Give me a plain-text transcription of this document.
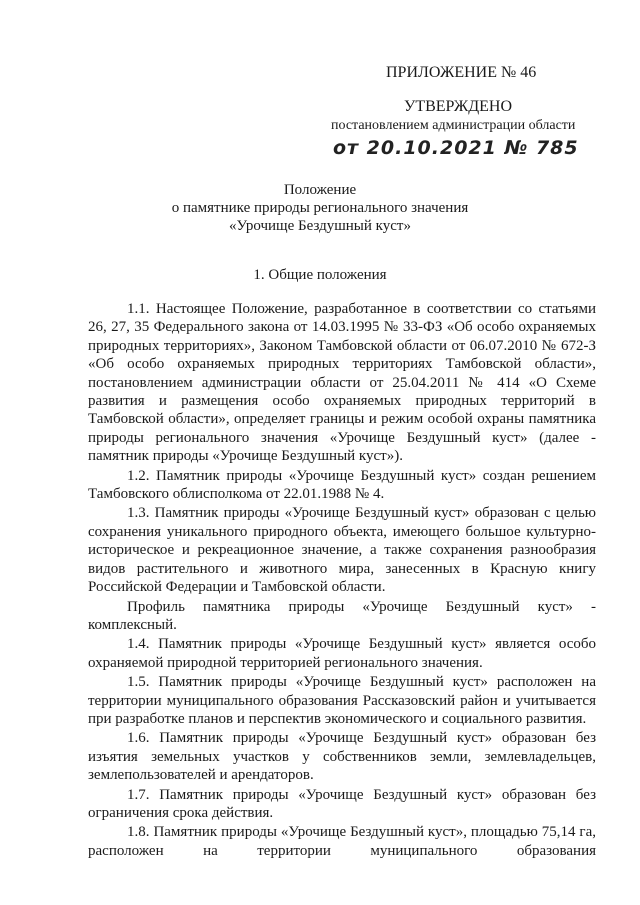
ПРИЛОЖЕНИЕ № 46
УТВЕРЖДЕНО
постановлением администрации области
от 20.10.2021 № 785
Положение
о памятнике природы регионального значения
«Урочище Бездушный куст»
1. Общие положения

1.1. Настоящее Положение, разработанное в соответствии со статьями 26, 27, 35 Федерального закона от 14.03.1995 № 33-ФЗ «Об особо охраняемых природных территориях», Законом Тамбовской области от 06.07.2010 № 672-З «Об особо охраняемых природных территориях Тамбовской области», постановлением администрации области от 25.04.2011 № 414 «О Схеме развития и размещения особо охраняемых природных территорий в Тамбовской области», определяет границы и режим особой охраны памятника природы регионального значения «Урочище Бездушный куст» (далее - памятник природы «Урочище Бездушный куст»).

1.2. Памятник природы «Урочище Бездушный куст» создан решением Тамбовского облисполкома от 22.01.1988 № 4.

1.3. Памятник природы «Урочище Бездушный куст» образован с целью сохранения уникального природного объекта, имеющего большое культурно-историческое и рекреационное значение, а также сохранения разнообразия видов растительного и животного мира, занесенных в Красную книгу Российской Федерации и Тамбовской области.

Профиль памятника природы «Урочище Бездушный куст» - комплексный.

1.4. Памятник природы «Урочище Бездушный куст» является особо охраняемой природной территорией регионального значения.

1.5. Памятник природы «Урочище Бездушный куст» расположен на территории муниципального образования Рассказовский район и учитывается при разработке планов и перспектив экономического и социального развития.

1.6. Памятник природы «Урочище Бездушный куст» образован без изъятия земельных участков у собственников земли, землевладельцев, землепользователей и арендаторов.

1.7. Памятник природы «Урочище Бездушный куст» образован без ограничения срока действия.

1.8. Памятник природы «Урочище Бездушный куст», площадью 75,14 га, расположен на территории муниципального образования
